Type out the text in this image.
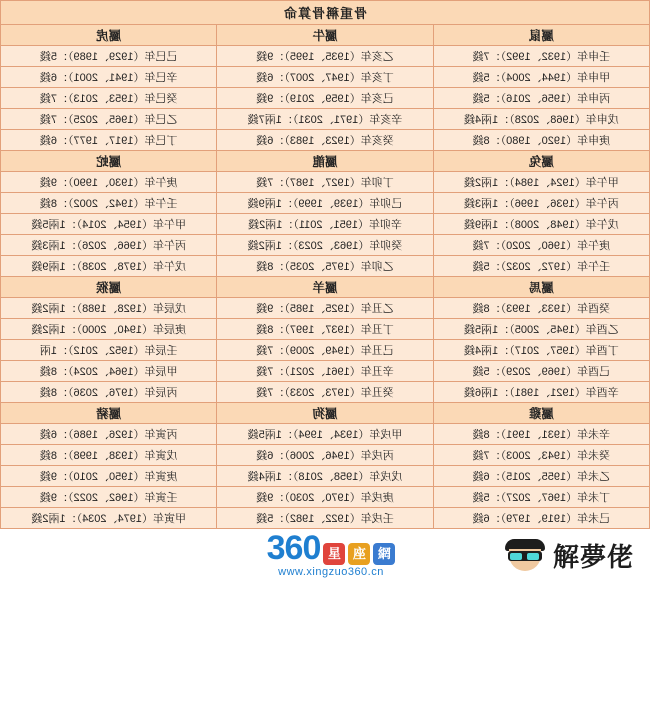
骨重稱骨算命		
屬鼠	屬牛	屬虎
壬申年（1932、1992）：7錢	乙亥年（1935、1995）：9錢	己巳年（1929、1989）：5錢
甲申年（1944、2004）：5錢	丁亥年（1947、2007）：6錢	辛巳年（1941、2001）：6錢
丙申年（1956、2016）：5錢	己亥年（1959、2019）：9錢	癸巳年（1953、2013）：7錢
戊申年（1968、2028）：1兩4錢	辛亥年（1971、2031）：1兩7錢	乙巳年（1965、2025）：7錢
庚申年（1920、1980）：8錢	癸亥年（1923、1983）：6錢	丁巳年（1917、1977）：6錢
屬兔	屬龍	屬蛇
甲午年（1924、1984）：1兩2錢	丁卯年（1927、1987）：7錢	庚午年（1930、1990）：9錢
丙午年（1936、1996）：1兩3錢	己卯年（1939、1999）：1兩9錢	壬午年（1942、2002）：8錢
戊午年（1948、2008）：1兩9錢	辛卯年（1951、2011）：1兩2錢	甲午年（1954、2014）：1兩5錢
庚午年（1960、2020）：7錢	癸卯年（1963、2023）：1兩2錢	丙午年（1966、2026）：1兩3錢
壬午年（1972、2032）：5錢	乙卯年（1975、2035）：8錢	戊午年（1978、2038）：1兩9錢
屬馬	屬羊	屬猴
癸酉年（1933、1993）：8錢	乙丑年（1925、1985）：9錢	戊辰年（1928、1988）：1兩2錢
乙酉年（1945、2005）：1兩5錢	丁丑年（1937、1997）：8錢	庚辰年（1940、2000）：1兩2錢
丁酉年（1957、2017）：1兩4錢	己丑年（1949、2009）：7錢	壬辰年（1952、2012）：1兩
己酉年（1969、2029）：5錢	辛丑年（1961、2021）：7錢	甲辰年（1964、2024）：8錢
辛酉年（1921、1981）：1兩6錢	癸丑年（1973、2033）：7錢	丙辰年（1976、2036）：8錢
屬雞	屬狗	屬豬
辛未年（1931、1991）：8錢	甲戌年（1934、1994）：1兩5錢	丙寅年（1926、1986）：6錢
癸未年（1943、2003）：7錢	丙戌年（1946、2006）：6錢	戊寅年（1938、1998）：8錢
乙未年（1955、2015）：6錢	戊戌年（1958、2018）：1兩4錢	庚寅年（1950、2010）：9錢
丁未年（1967、2027）：5錢	庚戌年（1970、2030）：9錢	壬寅年（1962、2022）：9錢
己未年（1919、1979）：6錢	壬戌年（1922、1982）：5錢	甲寅年（1974、2034）：1兩2錢
360 星 座 網
www.xingzuo360.cn	解夢佬
